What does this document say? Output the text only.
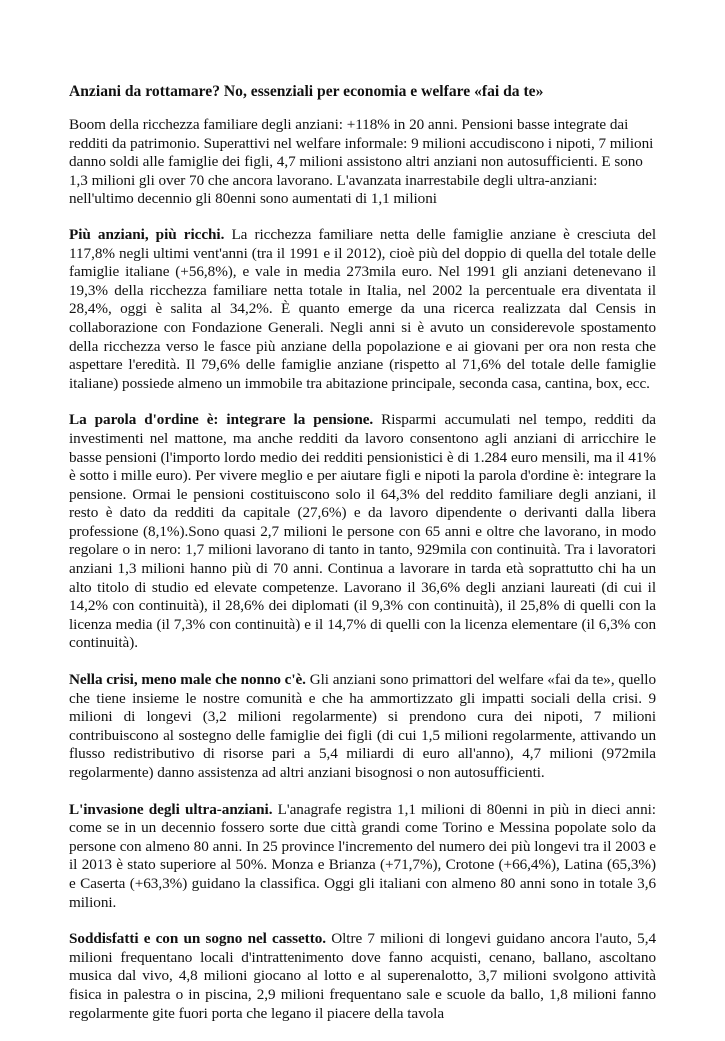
Anziani da rottamare? No, essenziali per economia e welfare «fai da te»

Boom della ricchezza familiare degli anziani: +118% in 20 anni. Pensioni basse integrate dai redditi da patrimonio. Superattivi nel welfare informale: 9 milioni accudiscono i nipoti, 7 milioni danno soldi alle famiglie dei figli, 4,7 milioni assistono altri anziani non autosufficienti. E sono 1,3 milioni gli over 70 che ancora lavorano. L'avanzata inarrestabile degli ultra-anziani: nell'ultimo decennio gli 80enni sono aumentati di 1,1 milioni

Più anziani, più ricchi. La ricchezza familiare netta delle famiglie anziane è cresciuta del 117,8% negli ultimi vent'anni (tra il 1991 e il 2012), cioè più del doppio di quella del totale delle famiglie italiane (+56,8%), e vale in media 273mila euro. Nel 1991 gli anziani detenevano il 19,3% della ricchezza familiare netta totale in Italia, nel 2002 la percentuale era diventata il 28,4%, oggi è salita al 34,2%. È quanto emerge da una ricerca realizzata dal Censis in collaborazione con Fondazione Generali. Negli anni si è avuto un considerevole spostamento della ricchezza verso le fasce più anziane della popolazione e ai giovani per ora non resta che aspettare l'eredità. Il 79,6% delle famiglie anziane (rispetto al 71,6% del totale delle famiglie italiane) possiede almeno un immobile tra abitazione principale, seconda casa, cantina, box, ecc.

La parola d'ordine è: integrare la pensione. Risparmi accumulati nel tempo, redditi da investimenti nel mattone, ma anche redditi da lavoro consentono agli anziani di arricchire le basse pensioni (l'importo lordo medio dei redditi pensionistici è di 1.284 euro mensili, ma il 41% è sotto i mille euro). Per vivere meglio e per aiutare figli e nipoti la parola d'ordine è: integrare la pensione. Ormai le pensioni costituiscono solo il 64,3% del reddito familiare degli anziani, il resto è dato da redditi da capitale (27,6%) e da lavoro dipendente o derivanti dalla libera professione (8,1%).Sono quasi 2,7 milioni le persone con 65 anni e oltre che lavorano, in modo regolare o in nero: 1,7 milioni lavorano di tanto in tanto, 929mila con continuità. Tra i lavoratori anziani 1,3 milioni hanno più di 70 anni. Continua a lavorare in tarda età soprattutto chi ha un alto titolo di studio ed elevate competenze. Lavorano il 36,6% degli anziani laureati (di cui il 14,2% con continuità), il 28,6% dei diplomati (il 9,3% con continuità), il 25,8% di quelli con la licenza media (il 7,3% con continuità) e il 14,7% di quelli con la licenza elementare (il 6,3% con continuità).

Nella crisi, meno male che nonno c'è. Gli anziani sono primattori del welfare «fai da te», quello che tiene insieme le nostre comunità e che ha ammortizzato gli impatti sociali della crisi. 9 milioni di longevi (3,2 milioni regolarmente) si prendono cura dei nipoti, 7 milioni contribuiscono al sostegno delle famiglie dei figli (di cui 1,5 milioni regolarmente, attivando un flusso redistributivo di risorse pari a 5,4 miliardi di euro all'anno), 4,7 milioni (972mila regolarmente) danno assistenza ad altri anziani bisognosi o non autosufficienti.

L'invasione degli ultra-anziani. L'anagrafe registra 1,1 milioni di 80enni in più in dieci anni: come se in un decennio fossero sorte due città grandi come Torino e Messina popolate solo da persone con almeno 80 anni. In 25 province l'incremento del numero dei più longevi tra il 2003 e il 2013 è stato superiore al 50%. Monza e Brianza (+71,7%), Crotone (+66,4%), Latina (65,3%) e Caserta (+63,3%) guidano la classifica. Oggi gli italiani con almeno 80 anni sono in totale 3,6 milioni.

Soddisfatti e con un sogno nel cassetto. Oltre 7 milioni di longevi guidano ancora l'auto, 5,4 milioni frequentano locali d'intrattenimento dove fanno acquisti, cenano, ballano, ascoltano musica dal vivo, 4,8 milioni giocano al lotto e al superenalotto, 3,7 milioni svolgono attività fisica in palestra o in piscina, 2,9 milioni frequentano sale e scuole da ballo, 1,8 milioni fanno regolarmente gite fuori porta che legano il piacere della tavola
